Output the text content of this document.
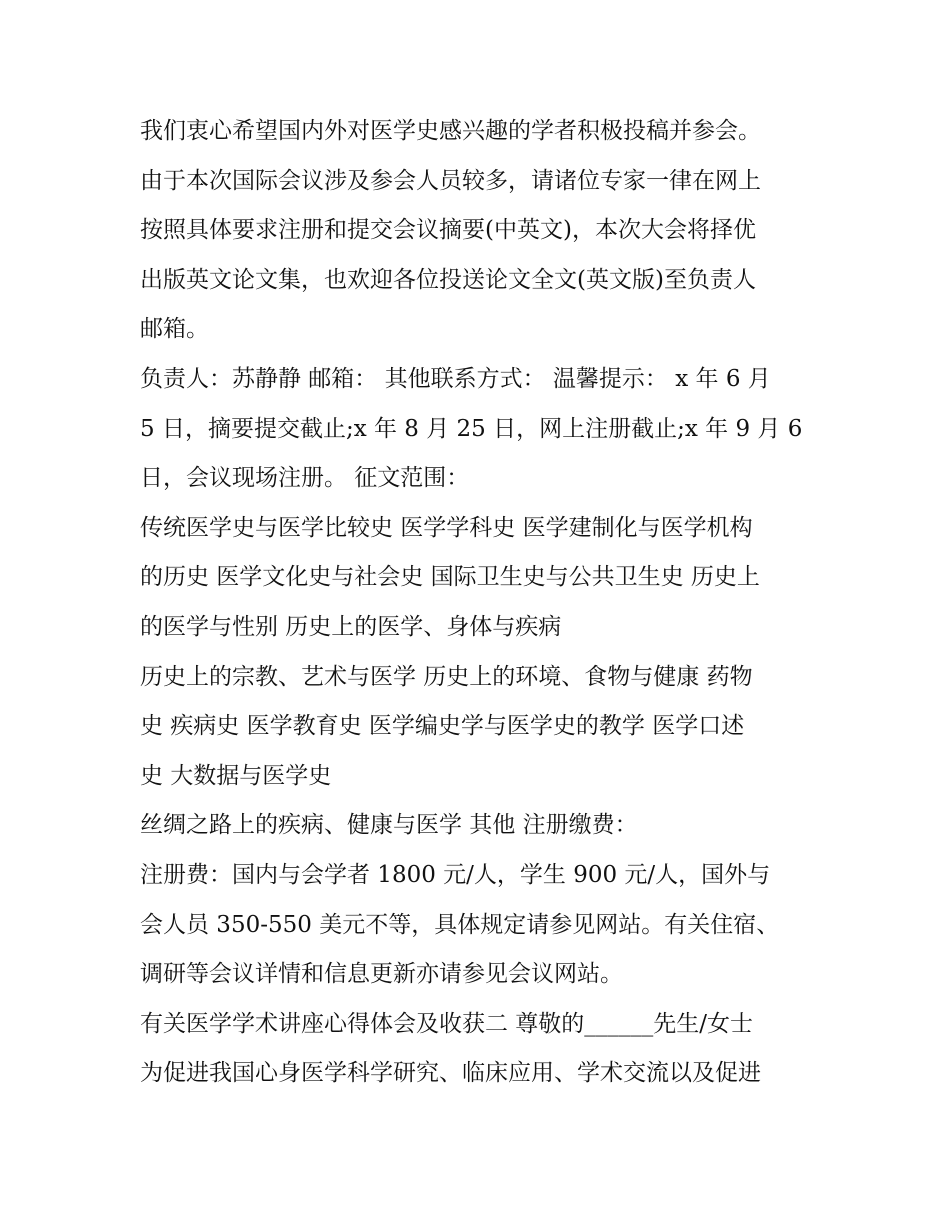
我们衷心希望国内外对医学史感兴趣的学者积极投稿并参会。
由于本次国际会议涉及参会人员较多，请诸位专家一律在网上
按照具体要求注册和提交会议摘要(中英文)，本次大会将择优
出版英文论文集，也欢迎各位投送论文全文(英文版)至负责人
邮箱。
负责人：苏静静 邮箱： 其他联系方式： 温馨提示： x 年 6 月
5 日，摘要提交截止;x 年 8 月 25 日，网上注册截止;x 年 9 月 6
日，会议现场注册。 征文范围：
传统医学史与医学比较史 医学学科史 医学建制化与医学机构
的历史 医学文化史与社会史 国际卫生史与公共卫生史 历史上
的医学与性别 历史上的医学、身体与疾病
历史上的宗教、艺术与医学 历史上的环境、食物与健康 药物
史 疾病史 医学教育史 医学编史学与医学史的教学 医学口述
史 大数据与医学史
丝绸之路上的疾病、健康与医学 其他 注册缴费：
注册费：国内与会学者 1800 元/人，学生 900 元/人，国外与
会人员 350-550 美元不等，具体规定请参见网站。有关住宿、
调研等会议详情和信息更新亦请参见会议网站。
有关医学学术讲座心得体会及收获二 尊敬的______先生/女士
为促进我国心身医学科学研究、临床应用、学术交流以及促进
